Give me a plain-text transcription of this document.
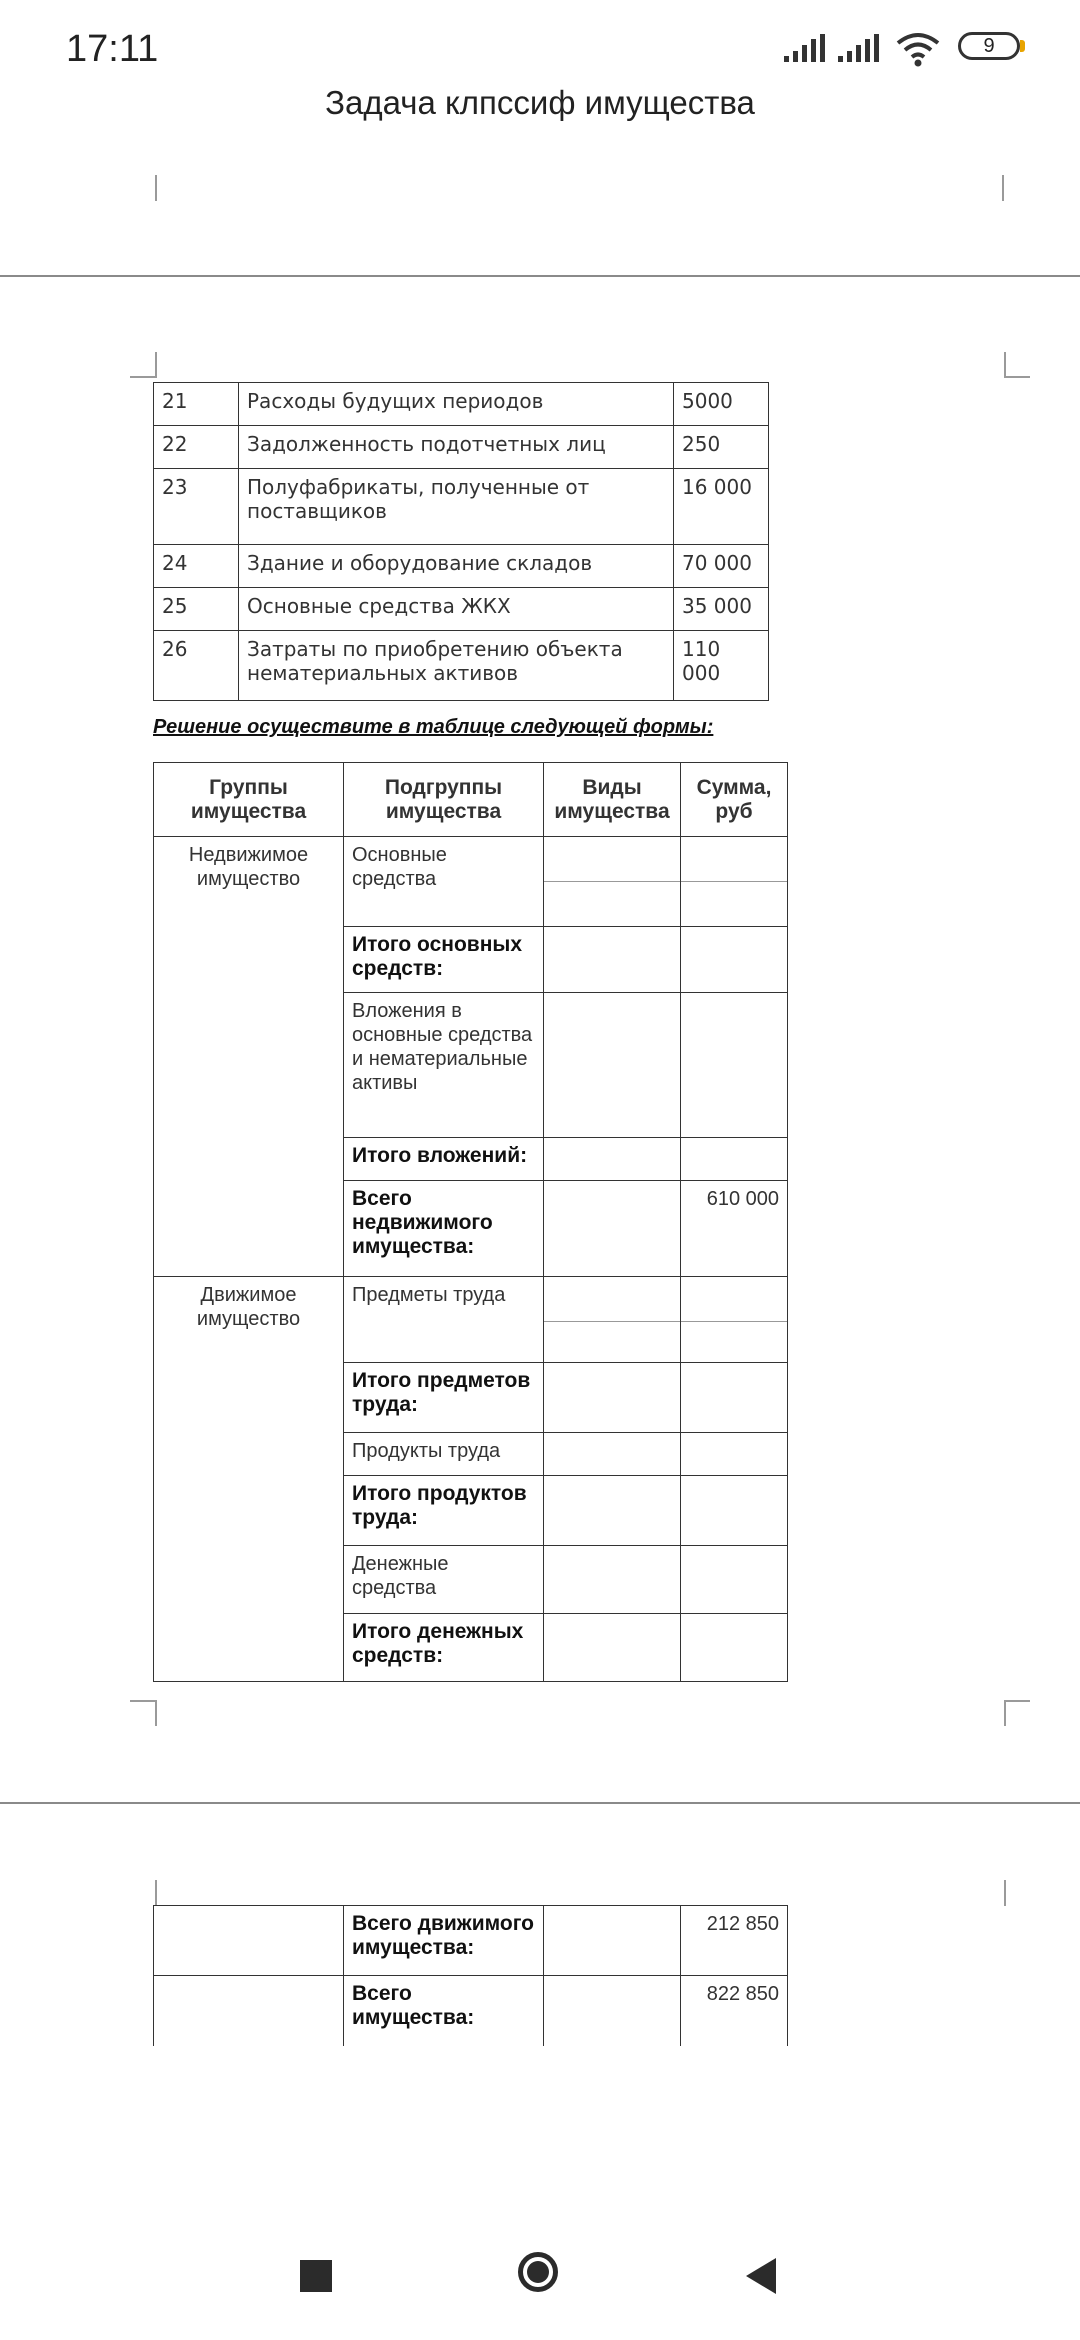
17:11	9
Задача клпссиф имущества
21	Расходы будущих периодов	5000
22	Задолженность подотчетных лиц	250
23	Полуфабрикаты, полученные от поставщиков	16 000
24	Здание и оборудование складов	70 000
25	Основные средства ЖКХ	35 000
26	Затраты по приобретению объекта нематериальных активов	110 000
Решение осуществите в таблице следующей формы:
Группы имущества	Подгруппы имущества	Виды имущества	Сумма, руб
Недвижимое имущество	Основные средства	

	Итого основных средств:		
	Вложения в основные средства и нематериальные активы		
	Итого вложений:		
	Всего недвижимого имущества:		610 000
Движимое имущество	Предметы труда	

	Итого предметов труда:		
	Продукты труда		
	Итого продуктов труда:		
	Денежные средства		
	Итого денежных средств:		
	Всего движимого имущества:		212 850
	Всего имущества:		822 850
